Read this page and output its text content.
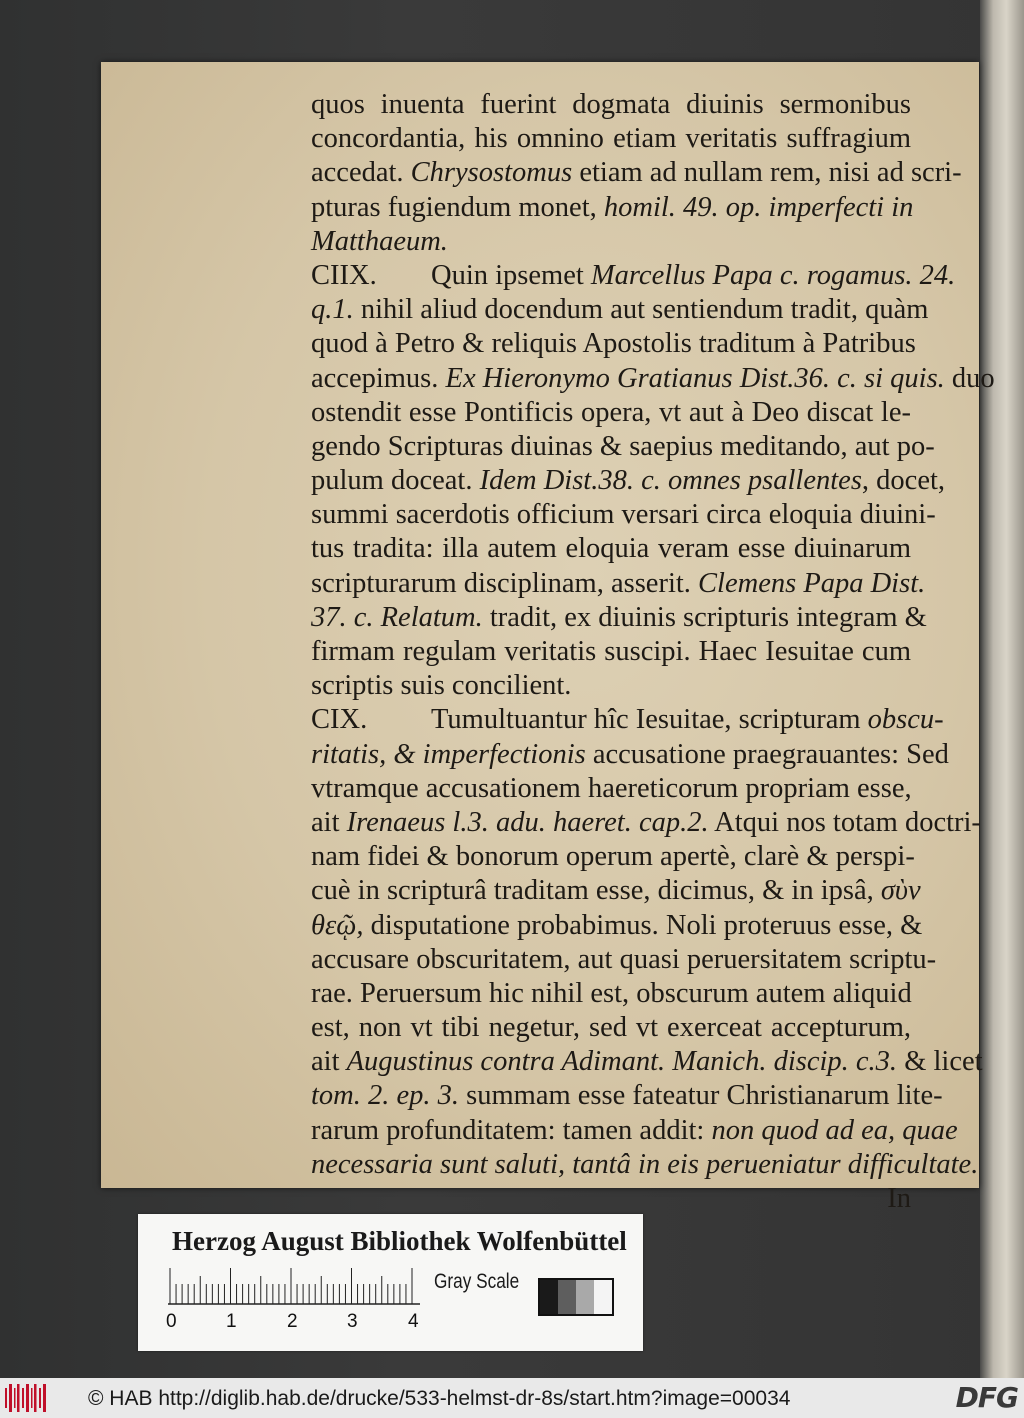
quos inuenta fuerint dogmata diuinis sermonibus
concordantia, his omnino etiam veritatis suffragium
accedat. Chrysostomus etiam ad nullam rem, nisi ad scri-
pturas fugiendum monet, homil. 49. op. imperfecti in
Matthaeum.
CIIX. Quin ipsemet Marcellus Papa c. rogamus. 24.
q.1. nihil aliud docendum aut sentiendum tradit, quàm
quod à Petro & reliquis Apostolis traditum à Patribus
accepimus. Ex Hieronymo Gratianus Dist.36. c. si quis. duo
ostendit esse Pontificis opera, vt aut à Deo discat le-
gendo Scripturas diuinas & saepius meditando, aut po-
pulum doceat. Idem Dist.38. c. omnes psallentes, docet,
summi sacerdotis officium versari circa eloquia diuini-
tus tradita: illa autem eloquia veram esse diuinarum
scripturarum disciplinam, asserit. Clemens Papa Dist.
37. c. Relatum. tradit, ex diuinis scripturis integram &
firmam regulam veritatis suscipi. Haec Iesuitae cum
scriptis suis concilient.
CIX. Tumultuantur hîc Iesuitae, scripturam obscu-
ritatis, & imperfectionis accusatione praegrauantes: Sed
vtramque accusationem haereticorum propriam esse,
ait Irenaeus l.3. adu. haeret. cap.2. Atqui nos totam doctri-
nam fidei & bonorum operum apertè, clarè & perspi-
cuè in scripturâ traditam esse, dicimus, & in ipsâ, σὺν
θεῷ, disputatione probabimus. Noli proteruus esse, &
accusare obscuritatem, aut quasi peruersitatem scriptu-
rae. Peruersum hic nihil est, obscurum autem aliquid
est, non vt tibi negetur, sed vt exerceat accepturum,
ait Augustinus contra Adimant. Manich. discip. c.3. & licet
tom. 2. ep. 3. summam esse fateatur Christianarum lite-
rarum profunditatem: tamen addit: non quod ad ea, quae
necessaria sunt saluti, tantâ in eis perueniatur difficultate.
In
Herzog August Bibliothek Wolfenbüttel
0	1	2	3	4
Gray Scale
© HAB http://diglib.hab.de/drucke/533-helmst-dr-8s/start.htm?image=00034	DFG
